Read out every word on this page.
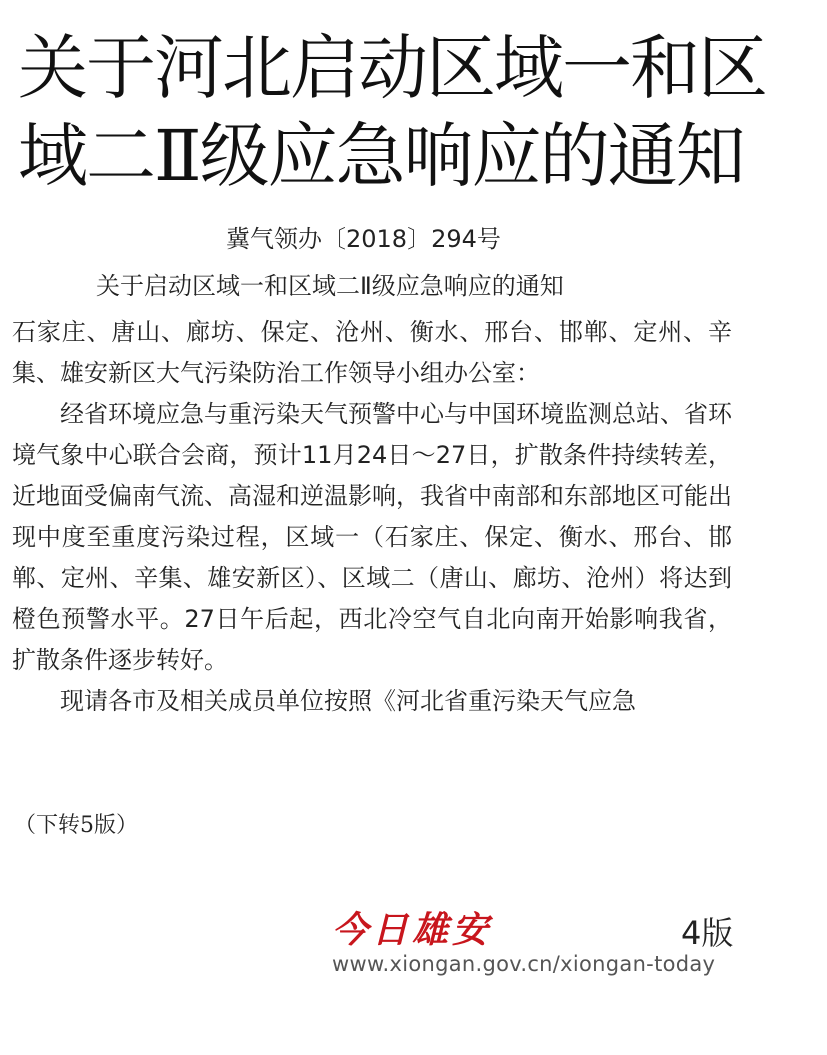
关于河北启动区域一和区域二Ⅱ级应急响应的通知
冀气领办〔2018〕294号
关于启动区域一和区域二Ⅱ级应急响应的通知

石家庄、唐山、廊坊、保定、沧州、衡水、邢台、邯郸、定州、辛集、雄安新区大气污染防治工作领导小组办公室：

经省环境应急与重污染天气预警中心与中国环境监测总站、省环境气象中心联合会商，预计11月24日～27日，扩散条件持续转差，近地面受偏南气流、高湿和逆温影响，我省中南部和东部地区可能出现中度至重度污染过程，区域一（石家庄、保定、衡水、邢台、邯郸、定州、辛集、雄安新区）、区域二（唐山、廊坊、沧州）将达到橙色预警水平。27日午后起，西北冷空气自北向南开始影响我省，扩散条件逐步转好。

现请各市及相关成员单位按照《河北省重污染天气应急

（下转5版）
今日雄安	4版
www.xiongan.gov.cn/xiongan-today
